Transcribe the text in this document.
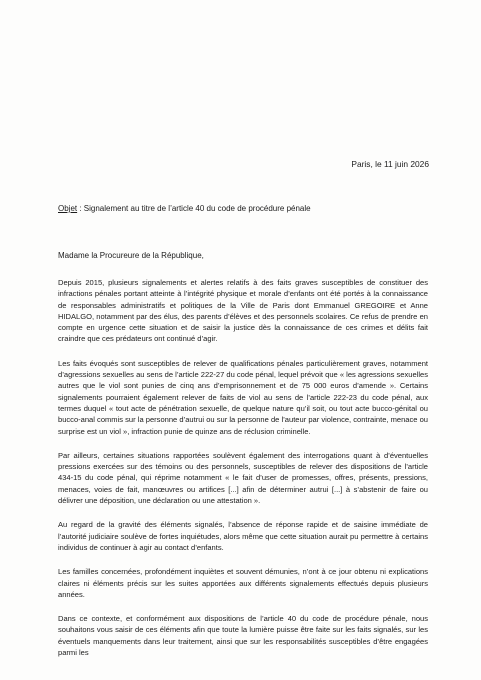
Paris, le 11 juin 2026
Objet : Signalement au titre de l’article 40 du code de procédure pénale
Madame la Procureure de la République,

Depuis 2015, plusieurs signalements et alertes relatifs à des faits graves susceptibles de constituer des infractions pénales portant atteinte à l’intégrité physique et morale d’enfants ont été portés à la connaissance de responsables administratifs et politiques de la Ville de Paris dont Emmanuel GREGOIRE et Anne HIDALGO, notamment par des élus, des parents d’élèves et des personnels scolaires. Ce refus de prendre en compte en urgence cette situation et de saisir la justice dès la connaissance de ces crimes et délits fait craindre que ces prédateurs ont continué d’agir.

Les faits évoqués sont susceptibles de relever de qualifications pénales particulièrement graves, notamment d’agressions sexuelles au sens de l’article 222-27 du code pénal, lequel prévoit que « les agressions sexuelles autres que le viol sont punies de cinq ans d’emprisonnement et de 75 000 euros d’amende ». Certains signalements pourraient également relever de faits de viol au sens de l’article 222-23 du code pénal, aux termes duquel « tout acte de pénétration sexuelle, de quelque nature qu’il soit, ou tout acte bucco-génital ou bucco-anal commis sur la personne d’autrui ou sur la personne de l’auteur par violence, contrainte, menace ou surprise est un viol », infraction punie de quinze ans de réclusion criminelle.

Par ailleurs, certaines situations rapportées soulèvent également des interrogations quant à d’éventuelles pressions exercées sur des témoins ou des personnels, susceptibles de relever des dispositions de l’article 434-15 du code pénal, qui réprime notamment « le fait d’user de promesses, offres, présents, pressions, menaces, voies de fait, manœuvres ou artifices [...] afin de déterminer autrui [...] à s’abstenir de faire ou délivrer une déposition, une déclaration ou une attestation ».

Au regard de la gravité des éléments signalés, l’absence de réponse rapide et de saisine immédiate de l’autorité judiciaire soulève de fortes inquiétudes, alors même que cette situation aurait pu permettre à certains individus de continuer à agir au contact d’enfants.

Les familles concernées, profondément inquiètes et souvent démunies, n’ont à ce jour obtenu ni explications claires ni éléments précis sur les suites apportées aux différents signalements effectués depuis plusieurs années.

Dans ce contexte, et conformément aux dispositions de l’article 40 du code de procédure pénale, nous souhaitons vous saisir de ces éléments afin que toute la lumière puisse être faite sur les faits signalés, sur les éventuels manquements dans leur traitement, ainsi que sur les responsabilités susceptibles d’être engagées parmi les
